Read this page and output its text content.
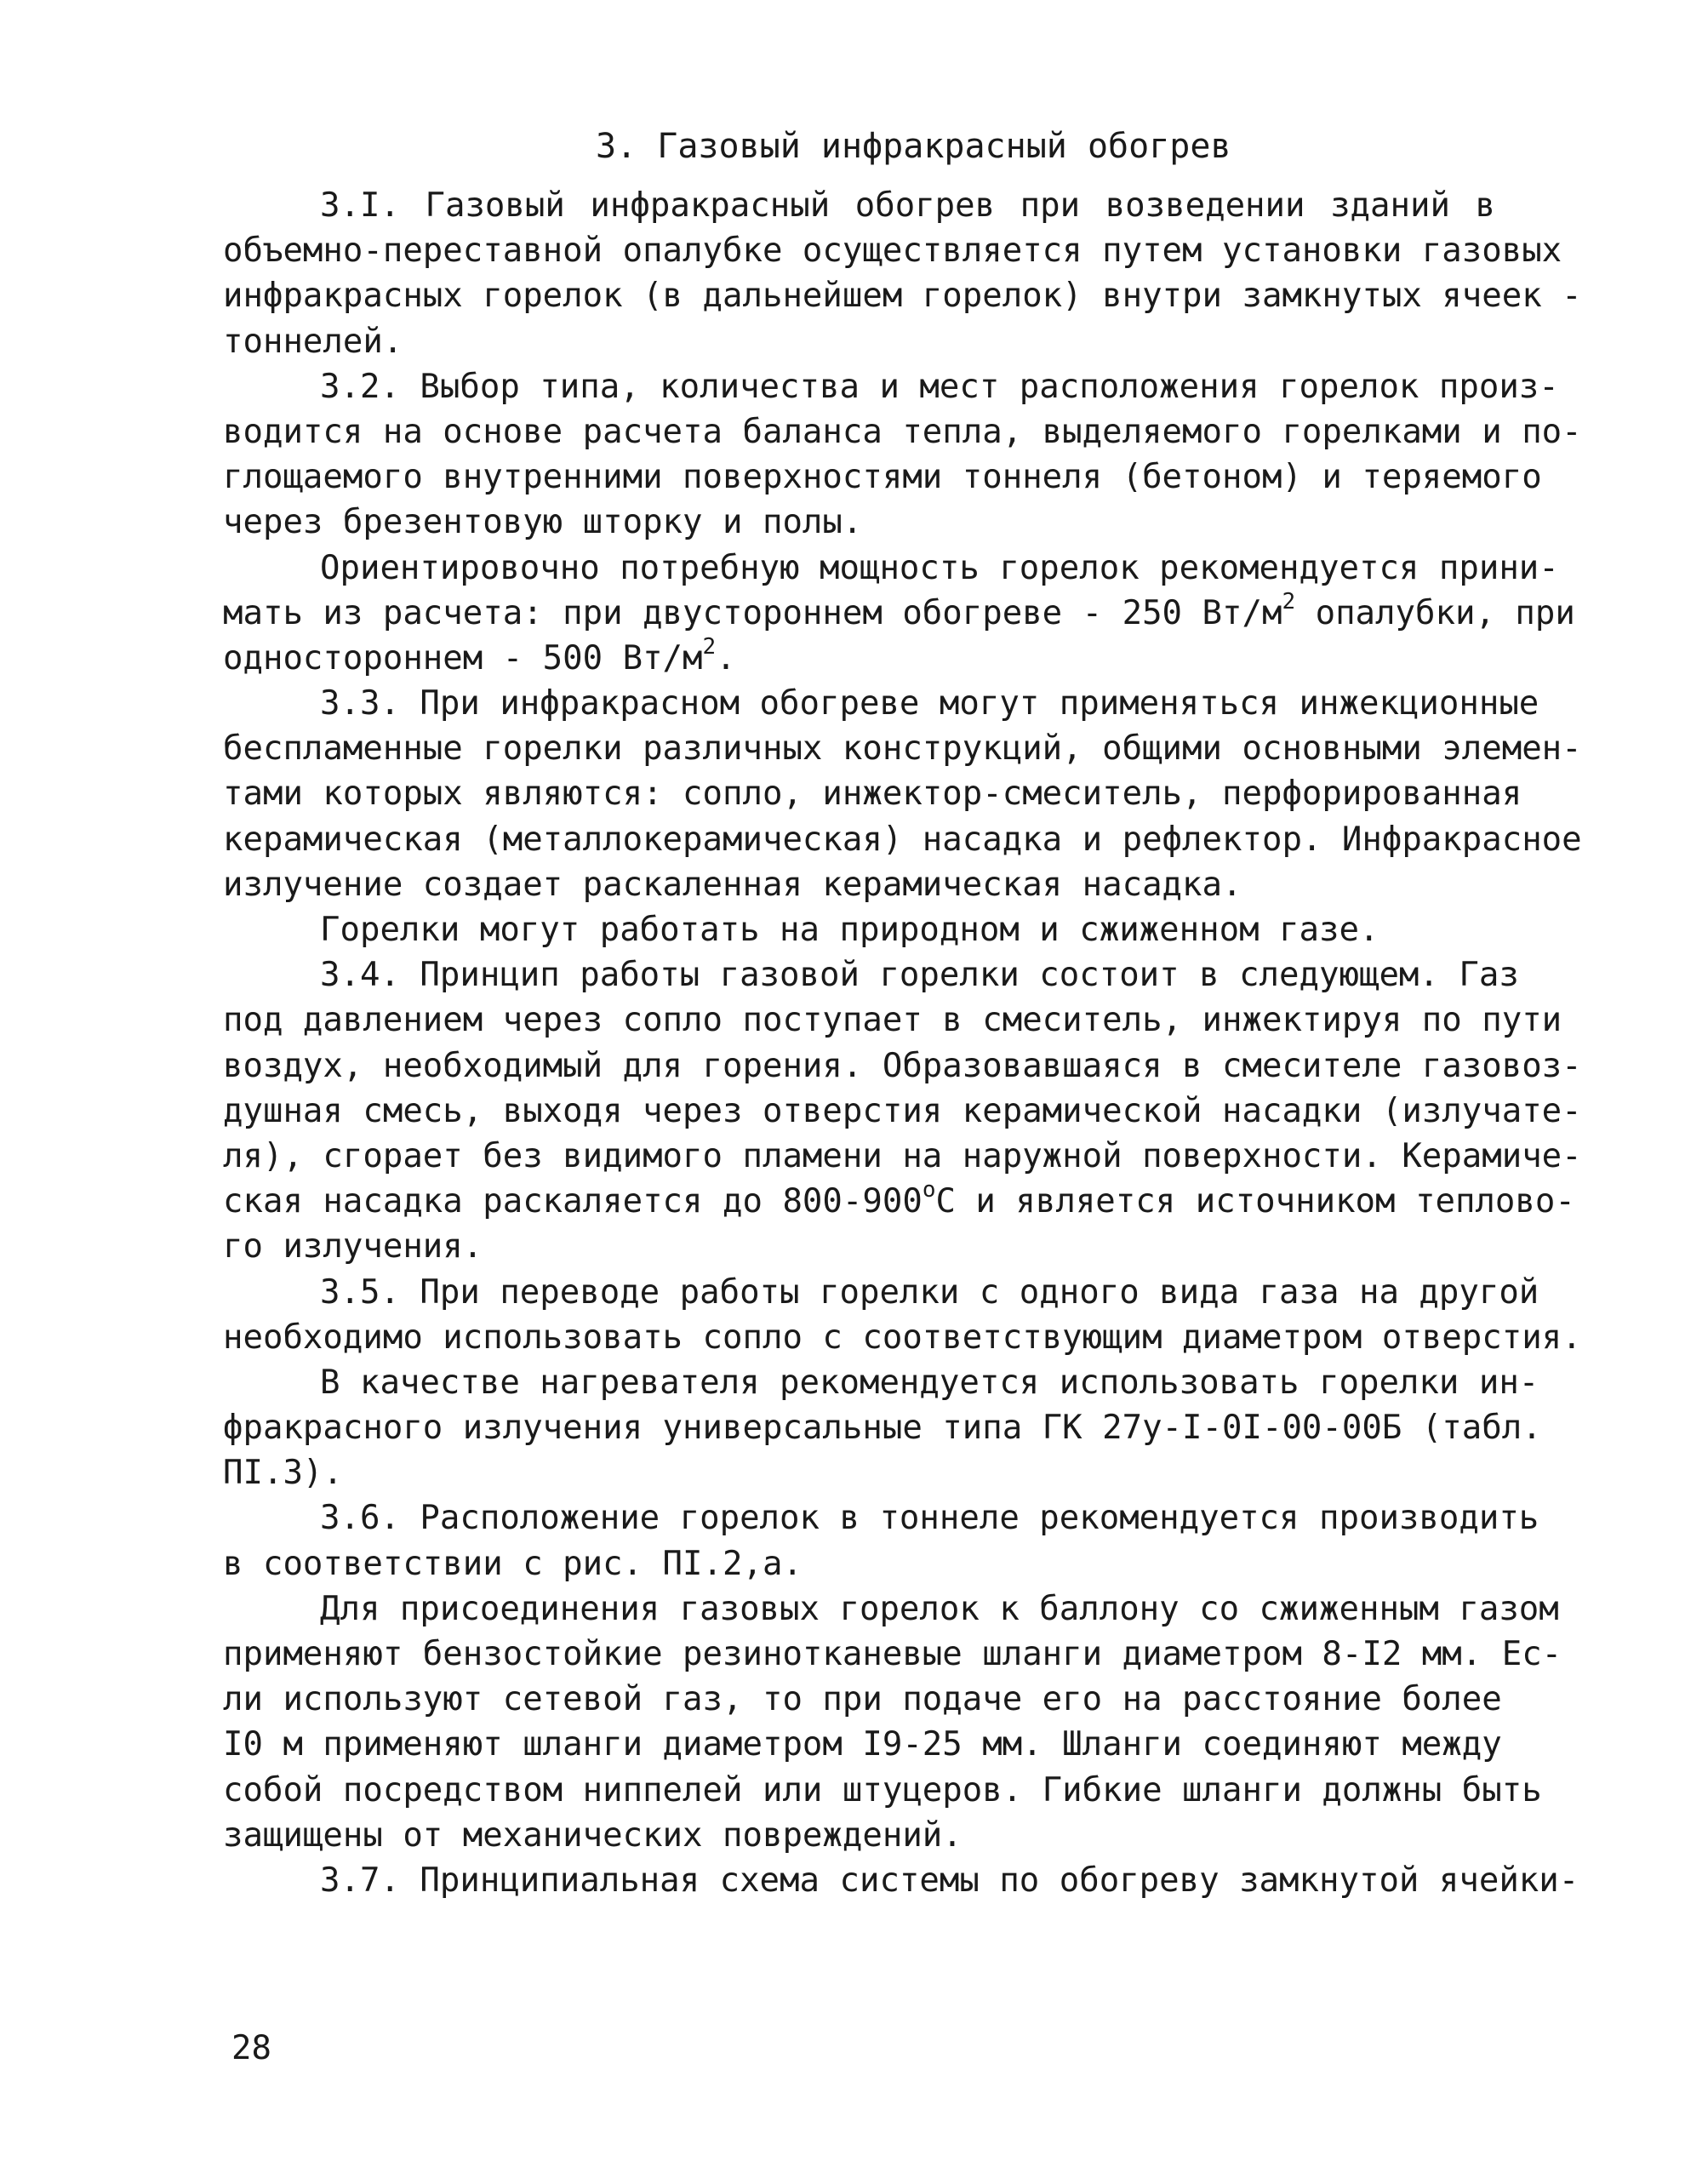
3. Газовый инфракрасный обогрев
3.I. Газовый инфракрасный обогрев при возведении зданий в
объемно-переставной опалубке осуществляется путем установки газовых
инфракрасных горелок (в дальнейшем горелок) внутри замкнутых ячеек -
тоннелей.
3.2. Выбор типа, количества и мест расположения горелок произ-
водится на основе расчета баланса тепла, выделяемого горелками и по-
глощаемого внутренними поверхностями тоннеля (бетоном) и теряемого
через брезентовую шторку и полы.
Ориентировочно потребную мощность горелок рекомендуется прини-
мать из расчета: при двустороннем обогреве - 250 $Вт/м^2$ опалубки, при
одностороннем - 500 $Вт/м^2$.
3.3. При инфракрасном обогреве могут применяться инжекционные
беспламенные горелки различных конструкций, общими основными элемен-
тами которых являются: сопло, инжектор-смеситель, перфорированная
керамическая (металлокерамическая) насадка и рефлектор. Инфракрасное
излучение создает раскаленная керамическая насадка.
Горелки могут работать на природном и сжиженном газе.
3.4. Принцип работы газовой горелки состоит в следующем. Газ
под давлением через сопло поступает в смеситель, инжектируя по пути
воздух, необходимый для горения. Образовавшаяся в смесителе газовоз-
душная смесь, выходя через отверстия керамической насадки (излучате-
ля), сгорает без видимого пламени на наружной поверхности. Керамиче-
ская насадка раскаляется до $800-900^оС$ и является источником теплово-
го излучения.
3.5. При переводе работы горелки с одного вида газа на другой
необходимо использовать сопло с соответствующим диаметром отверстия.
В качестве нагревателя рекомендуется использовать горелки ин-
фракрасного излучения универсальные типа ГК 27у-I-0I-00-00Б (табл.
ПI.3).
3.6. Расположение горелок в тоннеле рекомендуется производить
в соответствии с рис. ПI.2,а.
Для присоединения газовых горелок к баллону со сжиженным газом
применяют бензостойкие резинотканевые шланги диаметром 8-I2 мм. Ес-
ли используют сетевой газ, то при подаче его на расстояние более
I0 м применяют шланги диаметром I9-25 мм. Шланги соединяют между
собой посредством ниппелей или штуцеров. Гибкие шланги должны быть
защищены от механических повреждений.
3.7. Принципиальная схема системы по обогреву замкнутой ячейки-
28
